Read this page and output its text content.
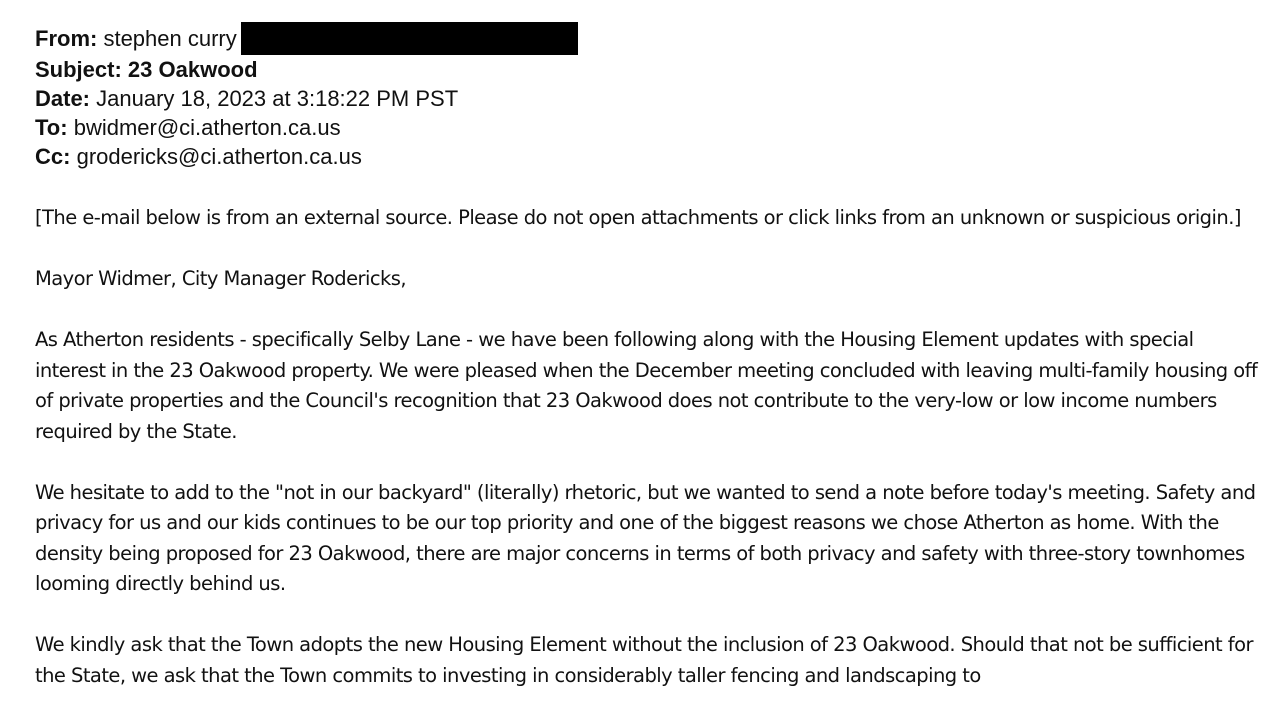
From: stephen curry
Subject: 23 Oakwood
Date: January 18, 2023 at 3:18:22 PM PST
To: bwidmer@ci.atherton.ca.us
Cc: grodericks@ci.atherton.ca.us

[The e-mail below is from an external source. Please do not open attachments or click links from an unknown or suspicious origin.]

Mayor Widmer, City Manager Rodericks,

As Atherton residents - specifically Selby Lane - we have been following along with the Housing Element updates with special interest in the 23 Oakwood property. We were pleased when the December meeting concluded with leaving multi-family housing off of private properties and the Council's recognition that 23 Oakwood does not contribute to the very-low or low income numbers required by the State.

We hesitate to add to the "not in our backyard" (literally) rhetoric, but we wanted to send a note before today's meeting. Safety and privacy for us and our kids continues to be our top priority and one of the biggest reasons we chose Atherton as home. With the density being proposed for 23 Oakwood, there are major concerns in terms of both privacy and safety with three-story townhomes looming directly behind us.

We kindly ask that the Town adopts the new Housing Element without the inclusion of 23 Oakwood. Should that not be sufficient for the State, we ask that the Town commits to investing in considerably taller fencing and landscaping to
